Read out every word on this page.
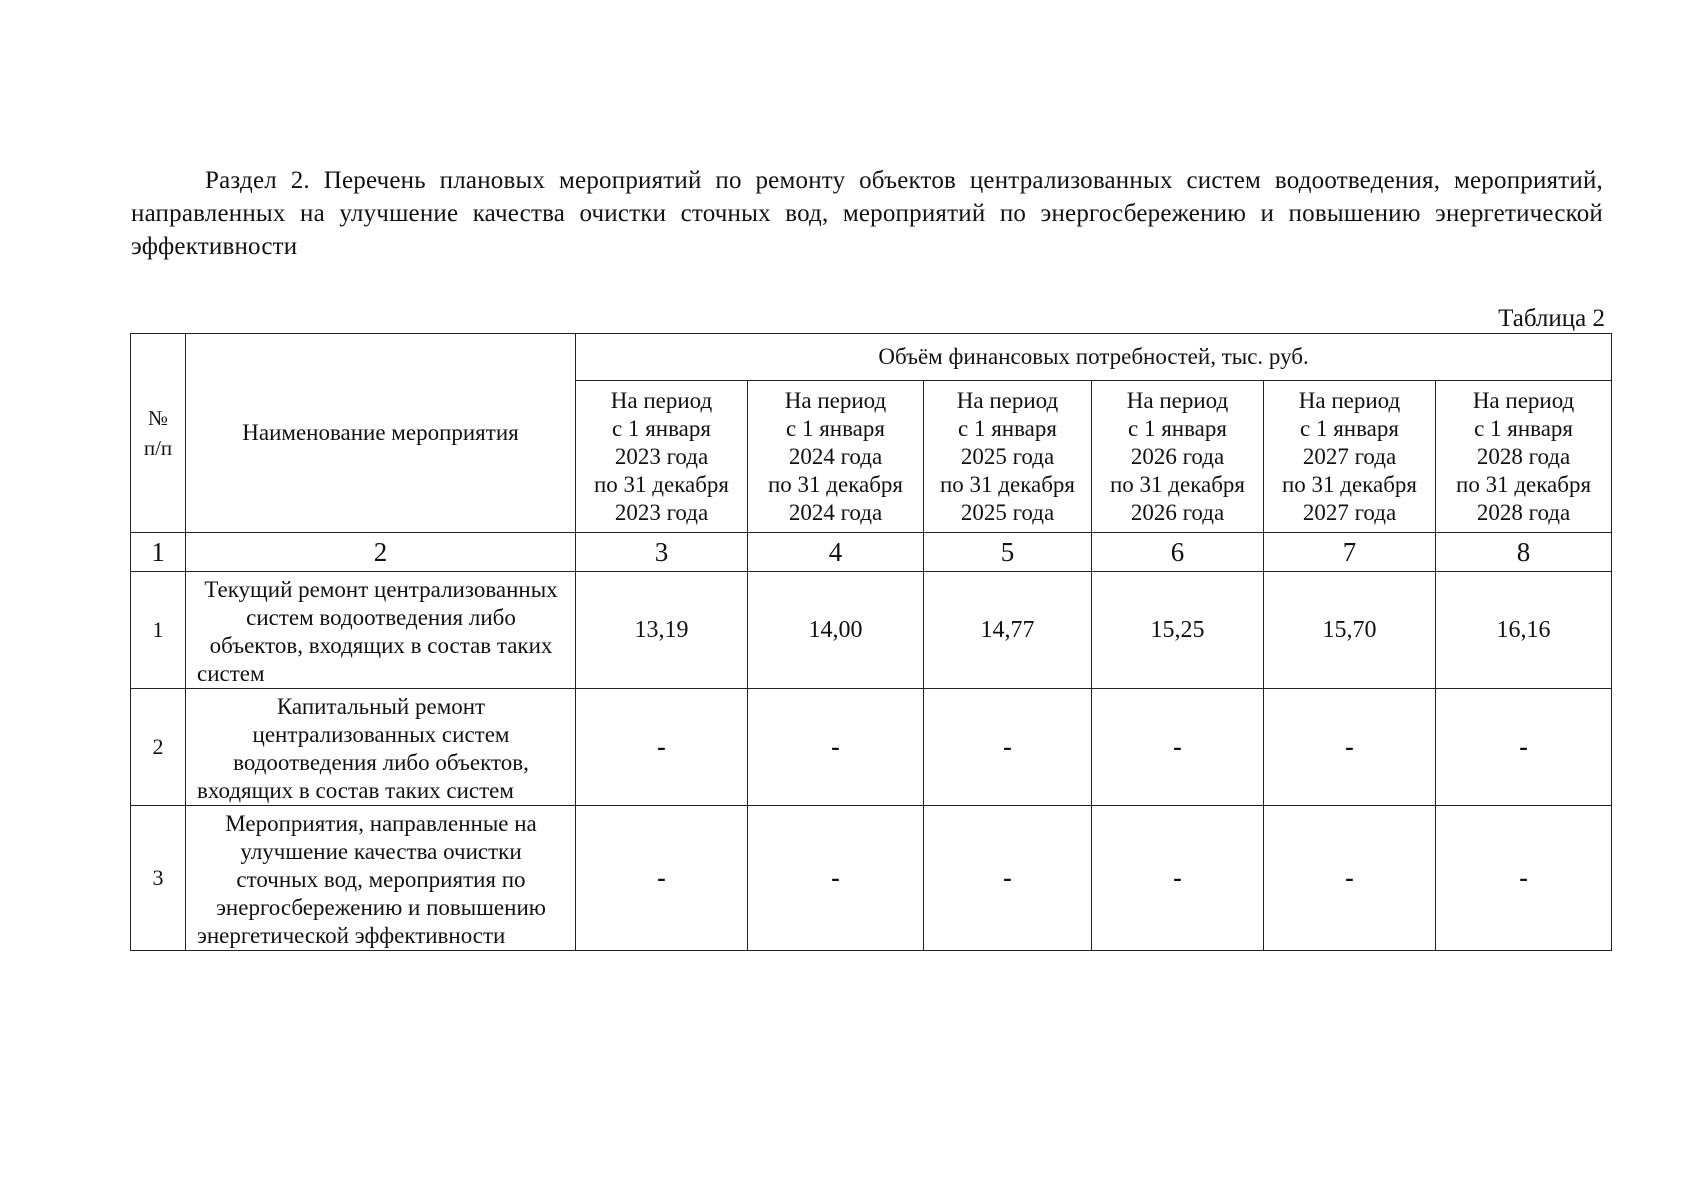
Раздел 2. Перечень плановых мероприятий по ремонту объектов централизованных систем водоотведения, мероприятий, направленных на улучшение качества очистки сточных вод, мероприятий по энергосбережению и повышению энергетической эффективности
Таблица 2
№
п/п	Наименование мероприятия	Объём финансовых потребностей, тыс. руб.					

		На период
с 1 января
2023 года
по 31 декабря
2023 года	На период
с 1 января
2024 года
по 31 декабря
2024 года	На период
с 1 января
2025 года
по 31 декабря
2025 года	На период
с 1 января
2026 года
по 31 декабря
2026 года	На период
с 1 января
2027 года
по 31 декабря
2027 года	На период
с 1 января
2028 года
по 31 декабря
2028 года

1	2	3	4	5	6	7	8
1	Текущий ремонт централизованных систем водоотведения либо объектов, входящих в состав таких систем	13,19	14,00	14,77	15,25	15,70	16,16
2	Капитальный ремонт централизованных систем водоотведения либо объектов, входящих в состав таких систем	-	-	-	-	-	-
3	Мероприятия, направленные на улучшение качества очистки сточных вод, мероприятия по энергосбережению и повышению энергетической эффективности	-	-	-	-	-	-
